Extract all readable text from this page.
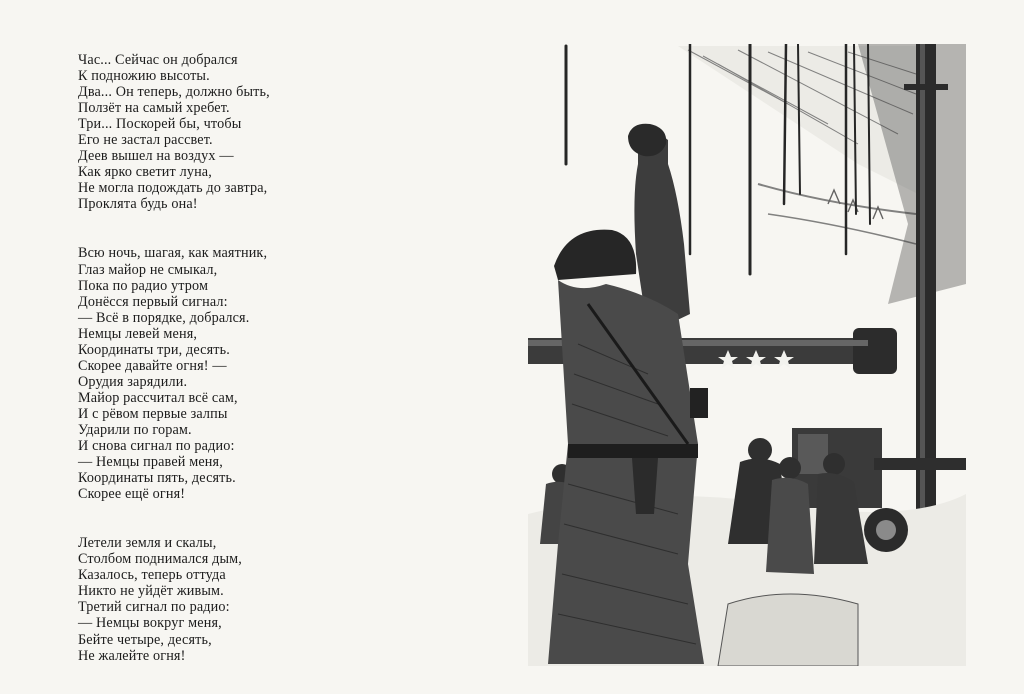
Час... Сейчас он добрался
К подножию высоты.
Два... Он теперь, должно быть,
Ползёт на самый хребет.
Три... Поскорей бы, чтобы
Его не застал рассвет.
Деев вышел на воздух —
Как ярко светит луна,
Не могла подождать до завтра,
Проклята будь она!
Всю ночь, шагая, как маятник,
Глаз майор не смыкал,
Пока по радио утром
Донёсся первый сигнал:
— Всё в порядке, добрался.
Немцы левей меня,
Координаты три, десять.
Скорее давайте огня! —
Орудия зарядили.
Майор рассчитал всё сам,
И с рёвом первые залпы
Ударили по горам.
И снова сигнал по радио:
— Немцы правей меня,
Координаты пять, десять.
Скорее ещё огня!
Летели земля и скалы,
Столбом поднимался дым,
Казалось, теперь оттуда
Никто не уйдёт живым.
Третий сигнал по радио:
— Немцы вокруг меня,
Бейте четыре, десять,
Не жалейте огня!
